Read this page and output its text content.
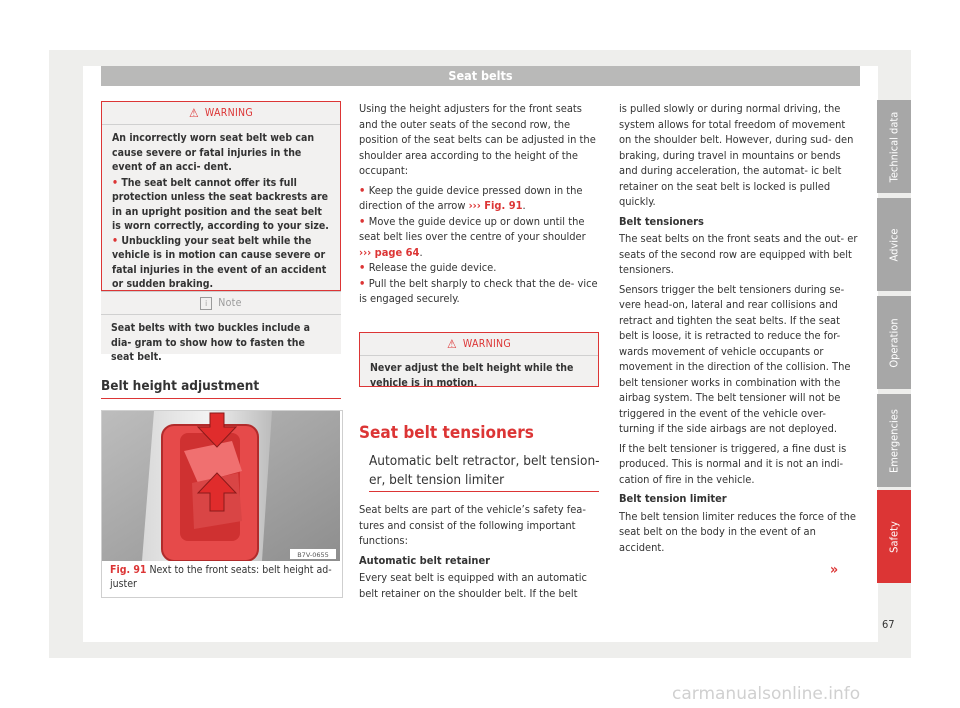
Seat belts
⚠ WARNING

An incorrectly worn seat belt web can cause severe or fatal injuries in the event of an acci- dent.

• The seat belt cannot offer its full protection unless the seat backrests are in an upright position and the seat belt is worn correctly, according to your size.

• Unbuckling your seat belt while the vehicle is in motion can cause severe or fatal injuries in the event of an accident or sudden braking.

i	Note
Seat belts with two buckles include a dia- gram to show how to fasten the seat belt.
Belt height adjustment
B7V-0655
Fig. 91 Next to the front seats: belt height ad- juster

Using the height adjusters for the front seats and the outer seats of the second row, the position of the seat belts can be adjusted in the shoulder area according to the height of the occupant:

• Keep the guide device pressed down in the direction of the arrow ››› Fig. 91.

• Move the guide device up or down until the seat belt lies over the centre of your shoulder ››› page 64.

• Release the guide device.

• Pull the belt sharply to check that the de- vice is engaged securely.

⚠ WARNING
Never adjust the belt height while the vehicle is in motion.
Seat belt tensioners
Automatic belt retractor, belt tension- er, belt tension limiter

Seat belts are part of the vehicle’s safety fea- tures and consist of the following important functions:

Automatic belt retainer

Every seat belt is equipped with an automatic belt retainer on the shoulder belt. If the belt

is pulled slowly or during normal driving, the system allows for total freedom of movement on the shoulder belt. However, during sud- den braking, during travel in mountains or bends and during acceleration, the automat- ic belt retainer on the seat belt is locked is pulled quickly.

Belt tensioners

The seat belts on the front seats and the out- er seats of the second row are equipped with belt tensioners.

Sensors trigger the belt tensioners during se- vere head-on, lateral and rear collisions and retract and tighten the seat belts. If the seat belt is loose, it is retracted to reduce the for- wards movement of vehicle occupants or movement in the direction of the collision. The belt tensioner works in combination with the airbag system. The belt tensioner will not be triggered in the event of the vehicle over- turning if the side airbags are not deployed.

If the belt tensioner is triggered, a fine dust is produced. This is normal and it is not an indi- cation of fire in the vehicle.

Belt tension limiter

The belt tension limiter reduces the force of the seat belt on the body in the event of an accident.

»
Technical data
Advice
Operation
Emergencies
Safety
67
carmanualsonline.info
